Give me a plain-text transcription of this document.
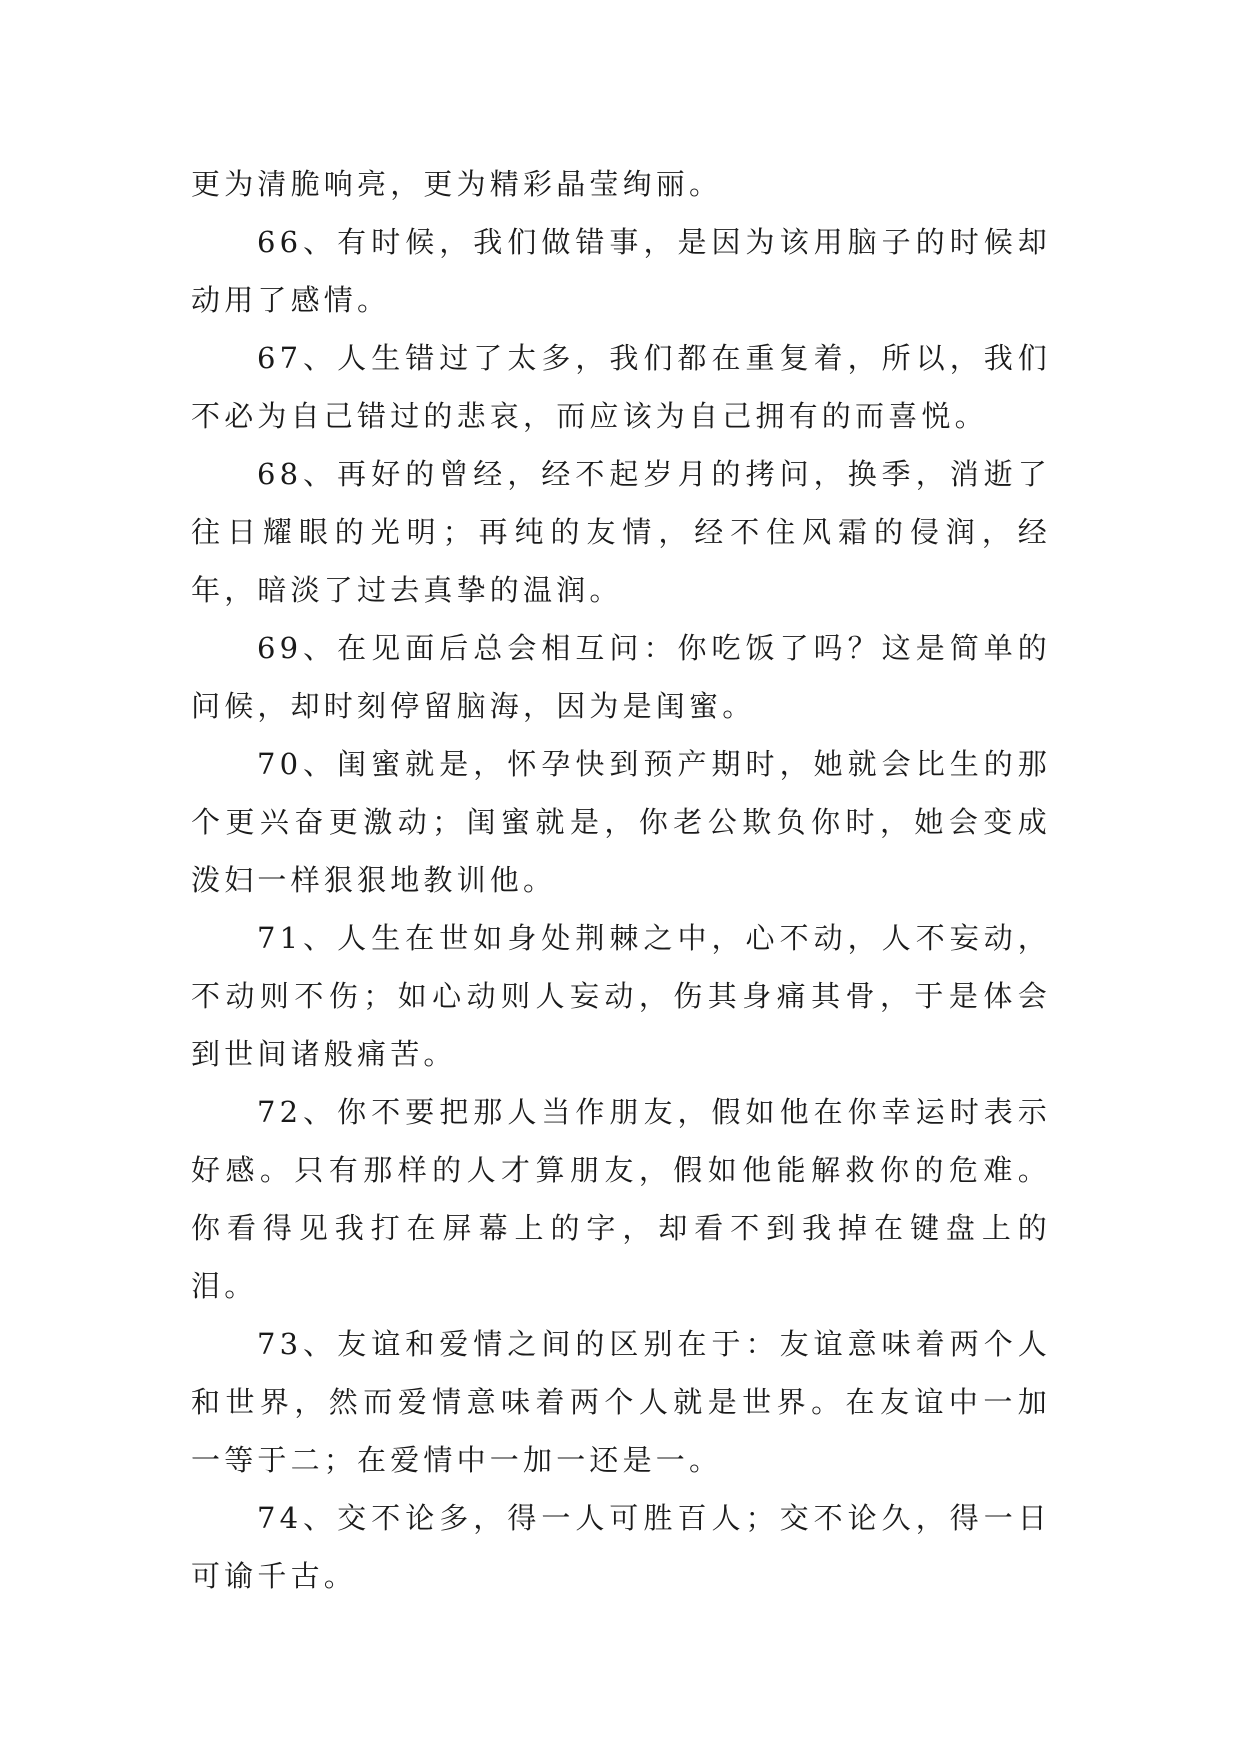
更为清脆响亮，更为精彩晶莹绚丽。

66、有时候，我们做错事，是因为该用脑子的时候却动用了感情。

67、人生错过了太多，我们都在重复着，所以，我们不必为自己错过的悲哀，而应该为自己拥有的而喜悦。

68、再好的曾经，经不起岁月的拷问，换季，消逝了往日耀眼的光明；再纯的友情，经不住风霜的侵润，经年，暗淡了过去真挚的温润。

69、在见面后总会相互问：你吃饭了吗？这是简单的问候，却时刻停留脑海，因为是闺蜜。

70、闺蜜就是，怀孕快到预产期时，她就会比生的那个更兴奋更激动；闺蜜就是，你老公欺负你时，她会变成泼妇一样狠狠地教训他。

71、人生在世如身处荆棘之中，心不动，人不妄动，不动则不伤；如心动则人妄动，伤其身痛其骨，于是体会到世间诸般痛苦。

72、你不要把那人当作朋友，假如他在你幸运时表示好感。只有那样的人才算朋友，假如他能解救你的危难。你看得见我打在屏幕上的字，却看不到我掉在键盘上的泪。

73、友谊和爱情之间的区别在于：友谊意味着两个人和世界，然而爱情意味着两个人就是世界。在友谊中一加一等于二；在爱情中一加一还是一。

74、交不论多，得一人可胜百人；交不论久，得一日可谕千古。
